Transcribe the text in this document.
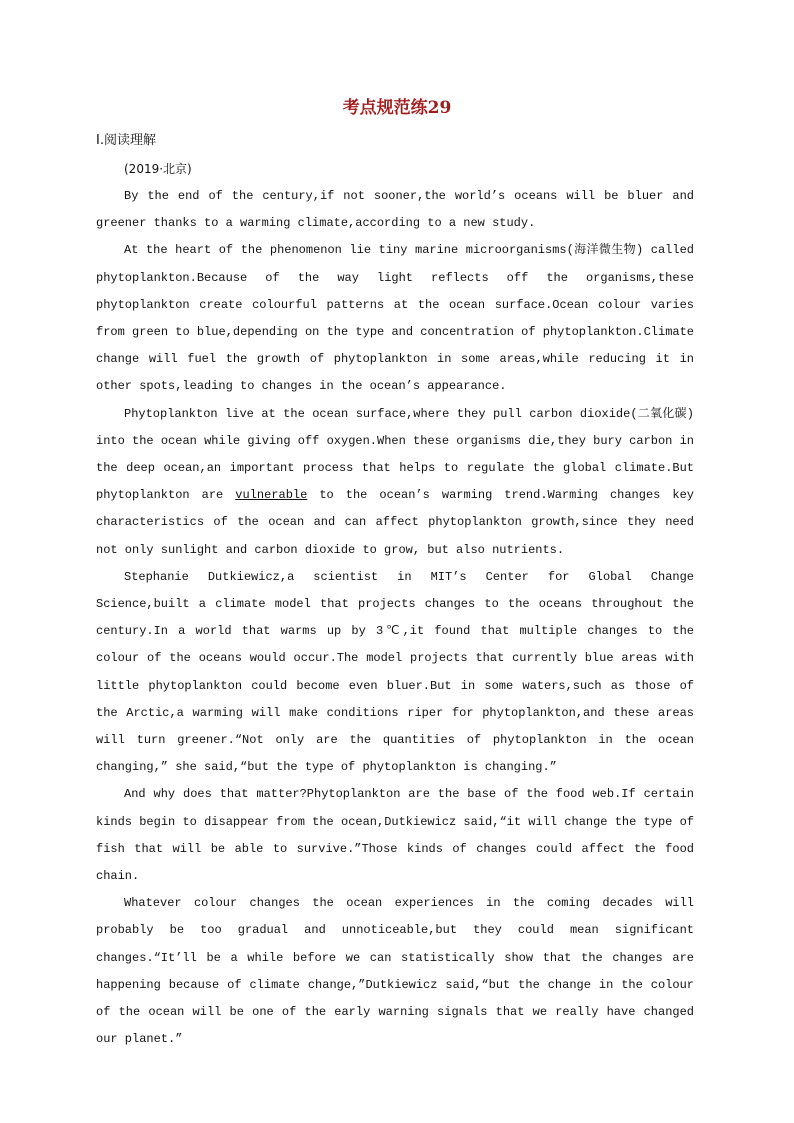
考点规范练29
Ⅰ.阅读理解
(2019·北京)

By the end of the century,if not sooner,the world’s oceans will be bluer and greener thanks to a warming climate,according to a new study.

At the heart of the phenomenon lie tiny marine microorganisms(海洋微生物) called phytoplankton.Because of the way light reflects off the organisms,these phytoplankton create colourful patterns at the ocean surface.Ocean colour varies from green to blue,depending on the type and concentration of phytoplankton.Climate change will fuel the growth of phytoplankton in some areas,while reducing it in other spots,leading to changes in the ocean’s appearance.

Phytoplankton live at the ocean surface,where they pull carbon dioxide(二氧化碳) into the ocean while giving off oxygen.When these organisms die,they bury carbon in the deep ocean,an important process that helps to regulate the global climate.But phytoplankton are vulnerable to the ocean’s warming trend.Warming changes key characteristics of the ocean and can affect phytoplankton growth,since they need not only sunlight and carbon dioxide to grow, but also nutrients.

Stephanie Dutkiewicz,a scientist in MIT’s Center for Global Change Science,built a climate model that projects changes to the oceans throughout the century.In a world that warms up by 3℃,it found that multiple changes to the colour of the oceans would occur.The model projects that currently blue areas with little phytoplankton could become even bluer.But in some waters,such as those of the Arctic,a warming will make conditions riper for phytoplankton,and these areas will turn greener.“Not only are the quantities of phytoplankton in the ocean changing,” she said,“but the type of phytoplankton is changing.”

And why does that matter?Phytoplankton are the base of the food web.If certain kinds begin to disappear from the ocean,Dutkiewicz said,“it will change the type of fish that will be able to survive.”Those kinds of changes could affect the food chain.

Whatever colour changes the ocean experiences in the coming decades will probably be too gradual and unnoticeable,but they could mean significant changes.“It’ll be a while before we can statistically show that the changes are happening because of climate change,”Dutkiewicz said,“but the change in the colour of the ocean will be one of the early warning signals that we really have changed our planet.”
